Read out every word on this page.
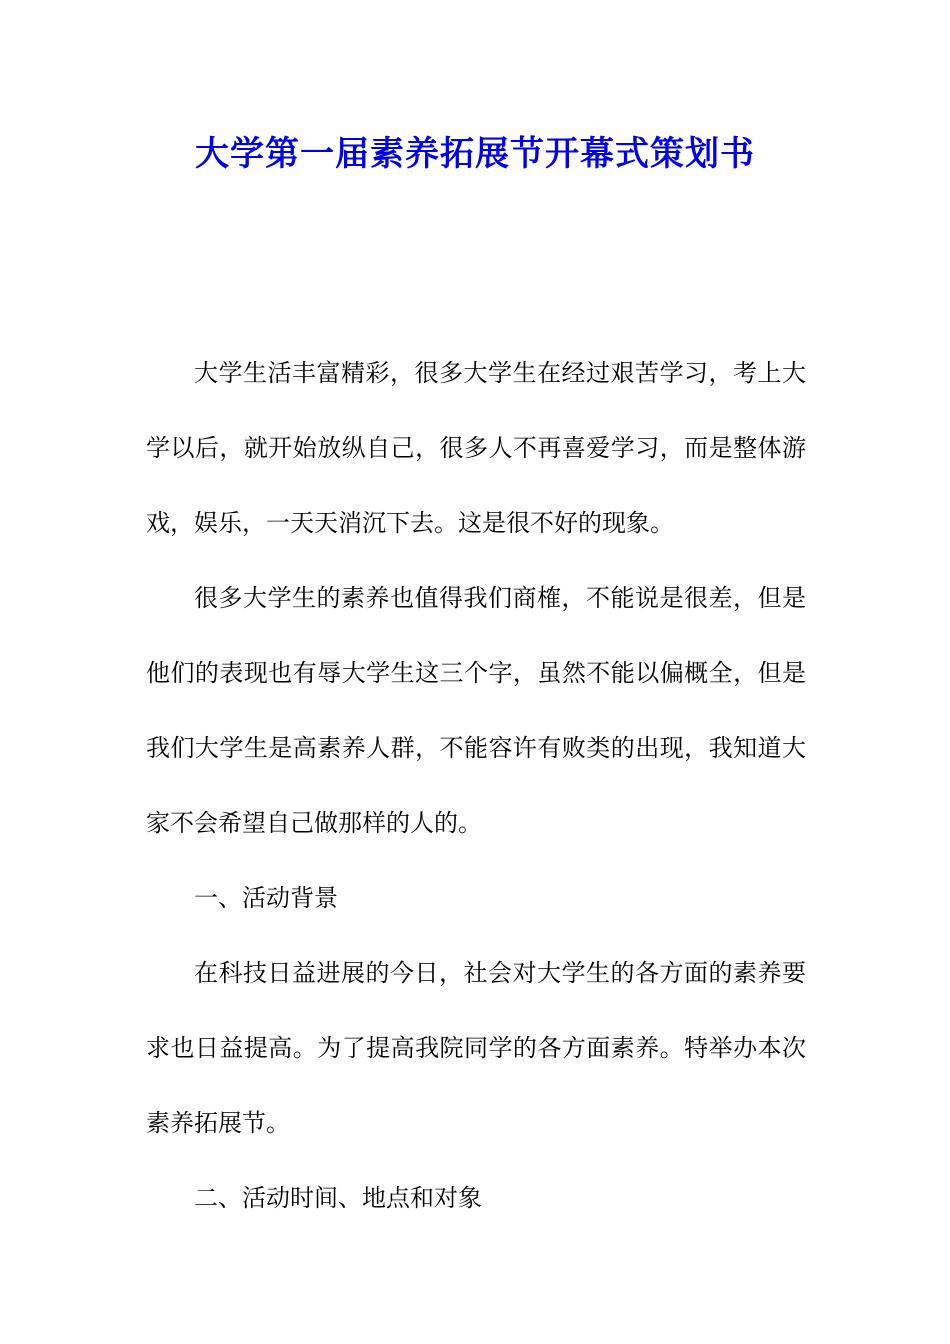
大学第一届素养拓展节开幕式策划书

大学生活丰富精彩，很多大学生在经过艰苦学习，考上大学以后，就开始放纵自己，很多人不再喜爱学习，而是整体游戏，娱乐，一天天消沉下去。这是很不好的现象。

很多大学生的素养也值得我们商榷，不能说是很差，但是他们的表现也有辱大学生这三个字，虽然不能以偏概全，但是我们大学生是高素养人群，不能容许有败类的出现，我知道大家不会希望自己做那样的人的。

一、活动背景

在科技日益进展的今日，社会对大学生的各方面的素养要求也日益提高。为了提高我院同学的各方面素养。特举办本次素养拓展节。

二、活动时间、地点和对象
